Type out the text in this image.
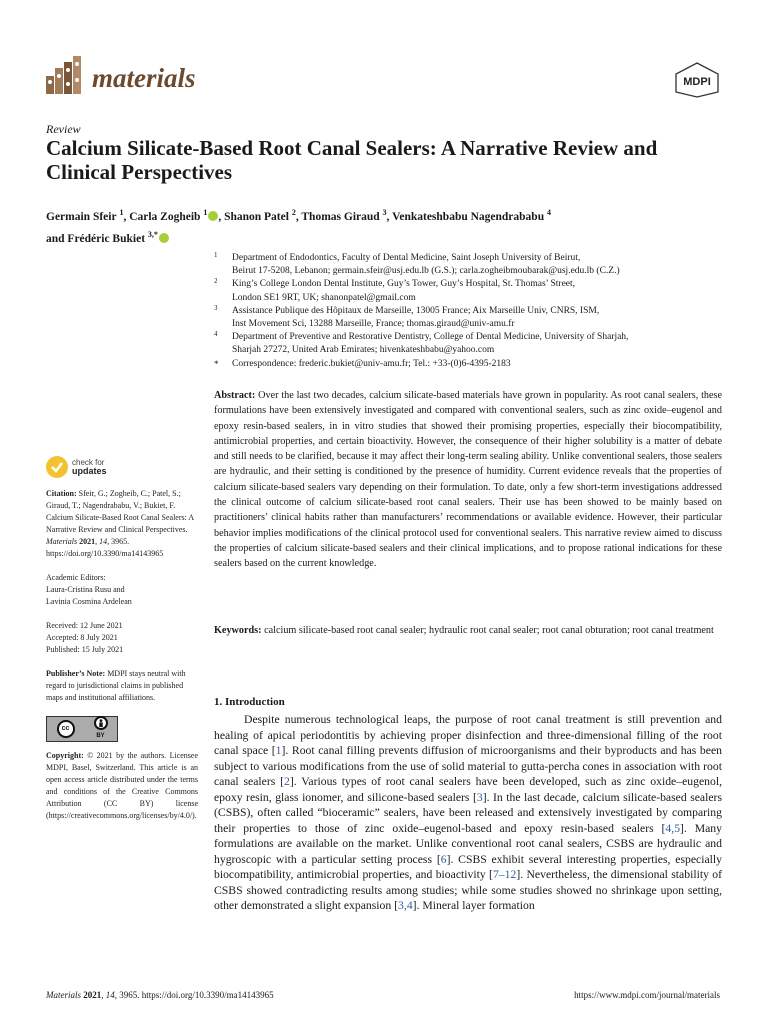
materials	MDPI
Review
Calcium Silicate-Based Root Canal Sealers: A Narrative Review and Clinical Perspectives
Germain Sfeir $^1$, Carla Zogheib $^1$ , Shanon Patel $^2$, Thomas Giraud $^3$, Venkateshbabu Nagendrababu $^4$
and Frédéric Bukiet $^{3,*}$
1 Department of Endodontics, Faculty of Dental Medicine, Saint Joseph University of Beirut,
Beirut 17-5208, Lebanon; germain.sfeir@usj.edu.lb (G.S.); carla.zogheibmoubarak@usj.edu.lb (C.Z.)
2 King’s College London Dental Institute, Guy’s Tower, Guy’s Hospital, St. Thomas’ Street,
London SE1 9RT, UK; shanonpatel@gmail.com
3 Assistance Publique des Hôpitaux de Marseille, 13005 France; Aix Marseille Univ, CNRS, ISM,
Inst Movement Sci, 13288 Marseille, France; thomas.giraud@univ-amu.fr
4 Department of Preventive and Restorative Dentistry, College of Dental Medicine, University of Sharjah,
Sharjah 27272, United Arab Emirates; hivenkateshbabu@yahoo.com
* Correspondence: frederic.bukiet@univ-amu.fr; Tel.: +33-(0)6-4395-2183
Abstract: Over the last two decades, calcium silicate-based materials have grown in popularity. As root canal sealers, these formulations have been extensively investigated and compared with conventional sealers, such as zinc oxide–eugenol and epoxy resin-based sealers, in in vitro studies that showed their promising properties, especially their biocompatibility, antimicrobial properties, and certain bioactivity. However, the consequence of their higher solubility is a matter of debate and still needs to be clarified, because it may affect their long-term sealing ability. Unlike conventional sealers, those sealers are hydraulic, and their setting is conditioned by the presence of humidity. Current evidence reveals that the properties of calcium silicate-based sealers vary depending on their formulation. To date, only a few short-term investigations addressed the clinical outcome of calcium silicate-based root canal sealers. Their use has been showed to be mainly based on practitioners’ clinical habits rather than manufacturers’ recommendations or available evidence. However, their particular behavior implies modifications of the clinical protocol used for conventional sealers. This narrative review aimed to discuss the properties of calcium silicate-based sealers and their clinical implications, and to propose rational indications for these sealers based on the current knowledge.
Keywords: calcium silicate-based root canal sealer; hydraulic root canal sealer; root canal obturation; root canal treatment
check for
updates
Citation: Sfeir, G.; Zogheib, C.; Patel, S.; Giraud, T.; Nagendrababu, V.; Bukiet, F. Calcium Silicate-Based Root Canal Sealers: A Narrative Review and Clinical Perspectives. Materials 2021, 14, 3965. https://doi.org/10.3390/ma14143965
Academic Editors:
Laura-Cristina Rusu and
Lavinia Cosmina Ardelean
Received: 12 June 2021
Accepted: 8 July 2021
Published: 15 July 2021
Publisher’s Note: MDPI stays neutral with regard to jurisdictional claims in published maps and institutional affiliations.
cc
BY
Copyright: © 2021 by the authors. Licensee MDPI, Basel, Switzerland. This article is an open access article distributed under the terms and conditions of the Creative Commons Attribution (CC BY) license (https://creativecommons.org/licenses/by/4.0/).
1. Introduction
Despite numerous technological leaps, the purpose of root canal treatment is still prevention and healing of apical periodontitis by achieving proper disinfection and three-dimensional filling of the root canal space [1]. Root canal filling prevents diffusion of microorganisms and their byproducts and has been subject to various modifications from the use of solid material to gutta-percha cones in association with root canal sealers [2]. Various types of root canal sealers have been developed, such as zinc oxide–eugenol, epoxy resin, glass ionomer, and silicone-based sealers [3]. In the last decade, calcium silicate-based sealers (CSBS), often called “bioceramic” sealers, have been released and extensively investigated by comparing their properties to those of zinc oxide–eugenol-based and epoxy resin-based sealers [4,5]. Many formulations are available on the market. Unlike conventional root canal sealers, CSBS are hydraulic and hygroscopic with a particular setting process [6]. CSBS exhibit several interesting properties, especially biocompatibility, antimicrobial properties, and bioactivity [7–12]. Nevertheless, the dimensional stability of CSBS showed contradicting results among studies; while some studies showed no shrinkage upon setting, other demonstrated a slight expansion [3,4]. Mineral layer formation
Materials 2021, 14, 3965. https://doi.org/10.3390/ma14143965	https://www.mdpi.com/journal/materials
